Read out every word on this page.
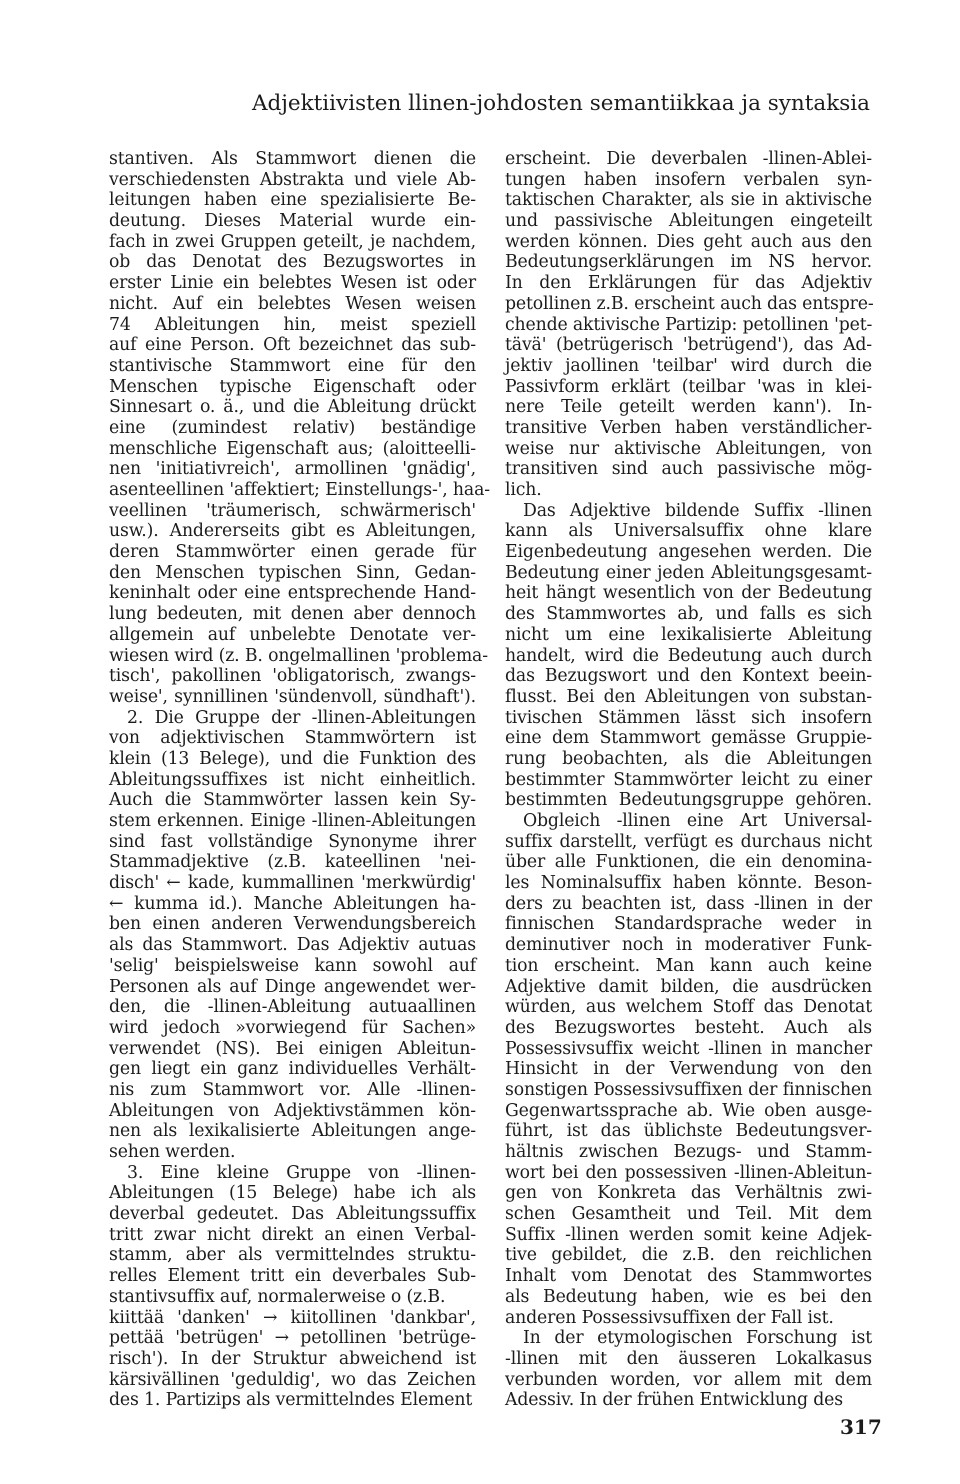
Adjektiivisten llinen-johdosten semantiikkaa ja syntaksia
stantiven. Als Stammwort dienen die
verschiedensten Abstrakta und viele Ab-
leitungen haben eine spezialisierte Be-
deutung. Dieses Material wurde ein-
fach in zwei Gruppen geteilt, je nachdem,
ob das Denotat des Bezugswortes in
erster Linie ein belebtes Wesen ist oder
nicht. Auf ein belebtes Wesen weisen
74 Ableitungen hin, meist speziell
auf eine Person. Oft bezeichnet das sub-
stantivische Stammwort eine für den
Menschen typische Eigenschaft oder
Sinnesart o. ä., und die Ableitung drückt
eine (zumindest relativ) beständige
menschliche Eigenschaft aus; (aloitteelli-
nen 'initiativreich', armollinen 'gnädig',
asenteellinen 'affektiert; Einstellungs-', haa-
veellinen 'träumerisch, schwärmerisch'
usw.). Andererseits gibt es Ableitungen,
deren Stammwörter einen gerade für
den Menschen typischen Sinn, Gedan-
keninhalt oder eine entsprechende Hand-
lung bedeuten, mit denen aber dennoch
allgemein auf unbelebte Denotate ver-
wiesen wird (z. B. ongelmallinen 'problema-
tisch', pakollinen 'obligatorisch, zwangs-
weise', synnillinen 'sündenvoll, sündhaft').
2. Die Gruppe der -llinen-Ableitungen
von adjektivischen Stammwörtern ist
klein (13 Belege), und die Funktion des
Ableitungssuffixes ist nicht einheitlich.
Auch die Stammwörter lassen kein Sy-
stem erkennen. Einige -llinen-Ableitungen
sind fast vollständige Synonyme ihrer
Stammadjektive (z.B. kateellinen 'nei-
disch' ← kade, kummallinen 'merkwürdig'
← kumma id.). Manche Ableitungen ha-
ben einen anderen Verwendungsbereich
als das Stammwort. Das Adjektiv autuas
'selig' beispielsweise kann sowohl auf
Personen als auf Dinge angewendet wer-
den, die -llinen-Ableitung autuaallinen
wird jedoch »vorwiegend für Sachen»
verwendet (NS). Bei einigen Ableitun-
gen liegt ein ganz individuelles Verhält-
nis zum Stammwort vor. Alle -llinen-
Ableitungen von Adjektivstämmen kön-
nen als lexikalisierte Ableitungen ange-
sehen werden.
3. Eine kleine Gruppe von -llinen-
Ableitungen (15 Belege) habe ich als
deverbal gedeutet. Das Ableitungssuffix
tritt zwar nicht direkt an einen Verbal-
stamm, aber als vermittelndes struktu-
relles Element tritt ein deverbales Sub-
stantivsuffix auf, normalerweise o (z.B.
kiittää 'danken' → kiitollinen 'dankbar',
pettää 'betrügen' → petollinen 'betrüge-
risch'). In der Struktur abweichend ist
kärsivällinen 'geduldig', wo das Zeichen
des 1. Partizips als vermittelndes Element
erscheint. Die deverbalen -llinen-Ablei-
tungen haben insofern verbalen syn-
taktischen Charakter, als sie in aktivische
und passivische Ableitungen eingeteilt
werden können. Dies geht auch aus den
Bedeutungserklärungen im NS hervor.
In den Erklärungen für das Adjektiv
petollinen z.B. erscheint auch das entspre-
chende aktivische Partizip: petollinen 'pet-
tävä' (betrügerisch 'betrügend'), das Ad-
jektiv jaollinen 'teilbar' wird durch die
Passivform erklärt (teilbar 'was in klei-
nere Teile geteilt werden kann'). In-
transitive Verben haben verständlicher-
weise nur aktivische Ableitungen, von
transitiven sind auch passivische mög-
lich.
Das Adjektive bildende Suffix -llinen
kann als Universalsuffix ohne klare
Eigenbedeutung angesehen werden. Die
Bedeutung einer jeden Ableitungsgesamt-
heit hängt wesentlich von der Bedeutung
des Stammwortes ab, und falls es sich
nicht um eine lexikalisierte Ableitung
handelt, wird die Bedeutung auch durch
das Bezugswort und den Kontext beein-
flusst. Bei den Ableitungen von substan-
tivischen Stämmen lässt sich insofern
eine dem Stammwort gemässe Gruppie-
rung beobachten, als die Ableitungen
bestimmter Stammwörter leicht zu einer
bestimmten Bedeutungsgruppe gehören.
Obgleich -llinen eine Art Universal-
suffix darstellt, verfügt es durchaus nicht
über alle Funktionen, die ein denomina-
les Nominalsuffix haben könnte. Beson-
ders zu beachten ist, dass -llinen in der
finnischen Standardsprache weder in
deminutiver noch in moderativer Funk-
tion erscheint. Man kann auch keine
Adjektive damit bilden, die ausdrücken
würden, aus welchem Stoff das Denotat
des Bezugswortes besteht. Auch als
Possessivsuffix weicht -llinen in mancher
Hinsicht in der Verwendung von den
sonstigen Possessivsuffixen der finnischen
Gegenwartssprache ab. Wie oben ausge-
führt, ist das üblichste Bedeutungsver-
hältnis zwischen Bezugs- und Stamm-
wort bei den possessiven -llinen-Ableitun-
gen von Konkreta das Verhältnis zwi-
schen Gesamtheit und Teil. Mit dem
Suffix -llinen werden somit keine Adjek-
tive gebildet, die z.B. den reichlichen
Inhalt vom Denotat des Stammwortes
als Bedeutung haben, wie es bei den
anderen Possessivsuffixen der Fall ist.
In der etymologischen Forschung ist
-llinen mit den äusseren Lokalkasus
verbunden worden, vor allem mit dem
Adessiv. In der frühen Entwicklung des
317
